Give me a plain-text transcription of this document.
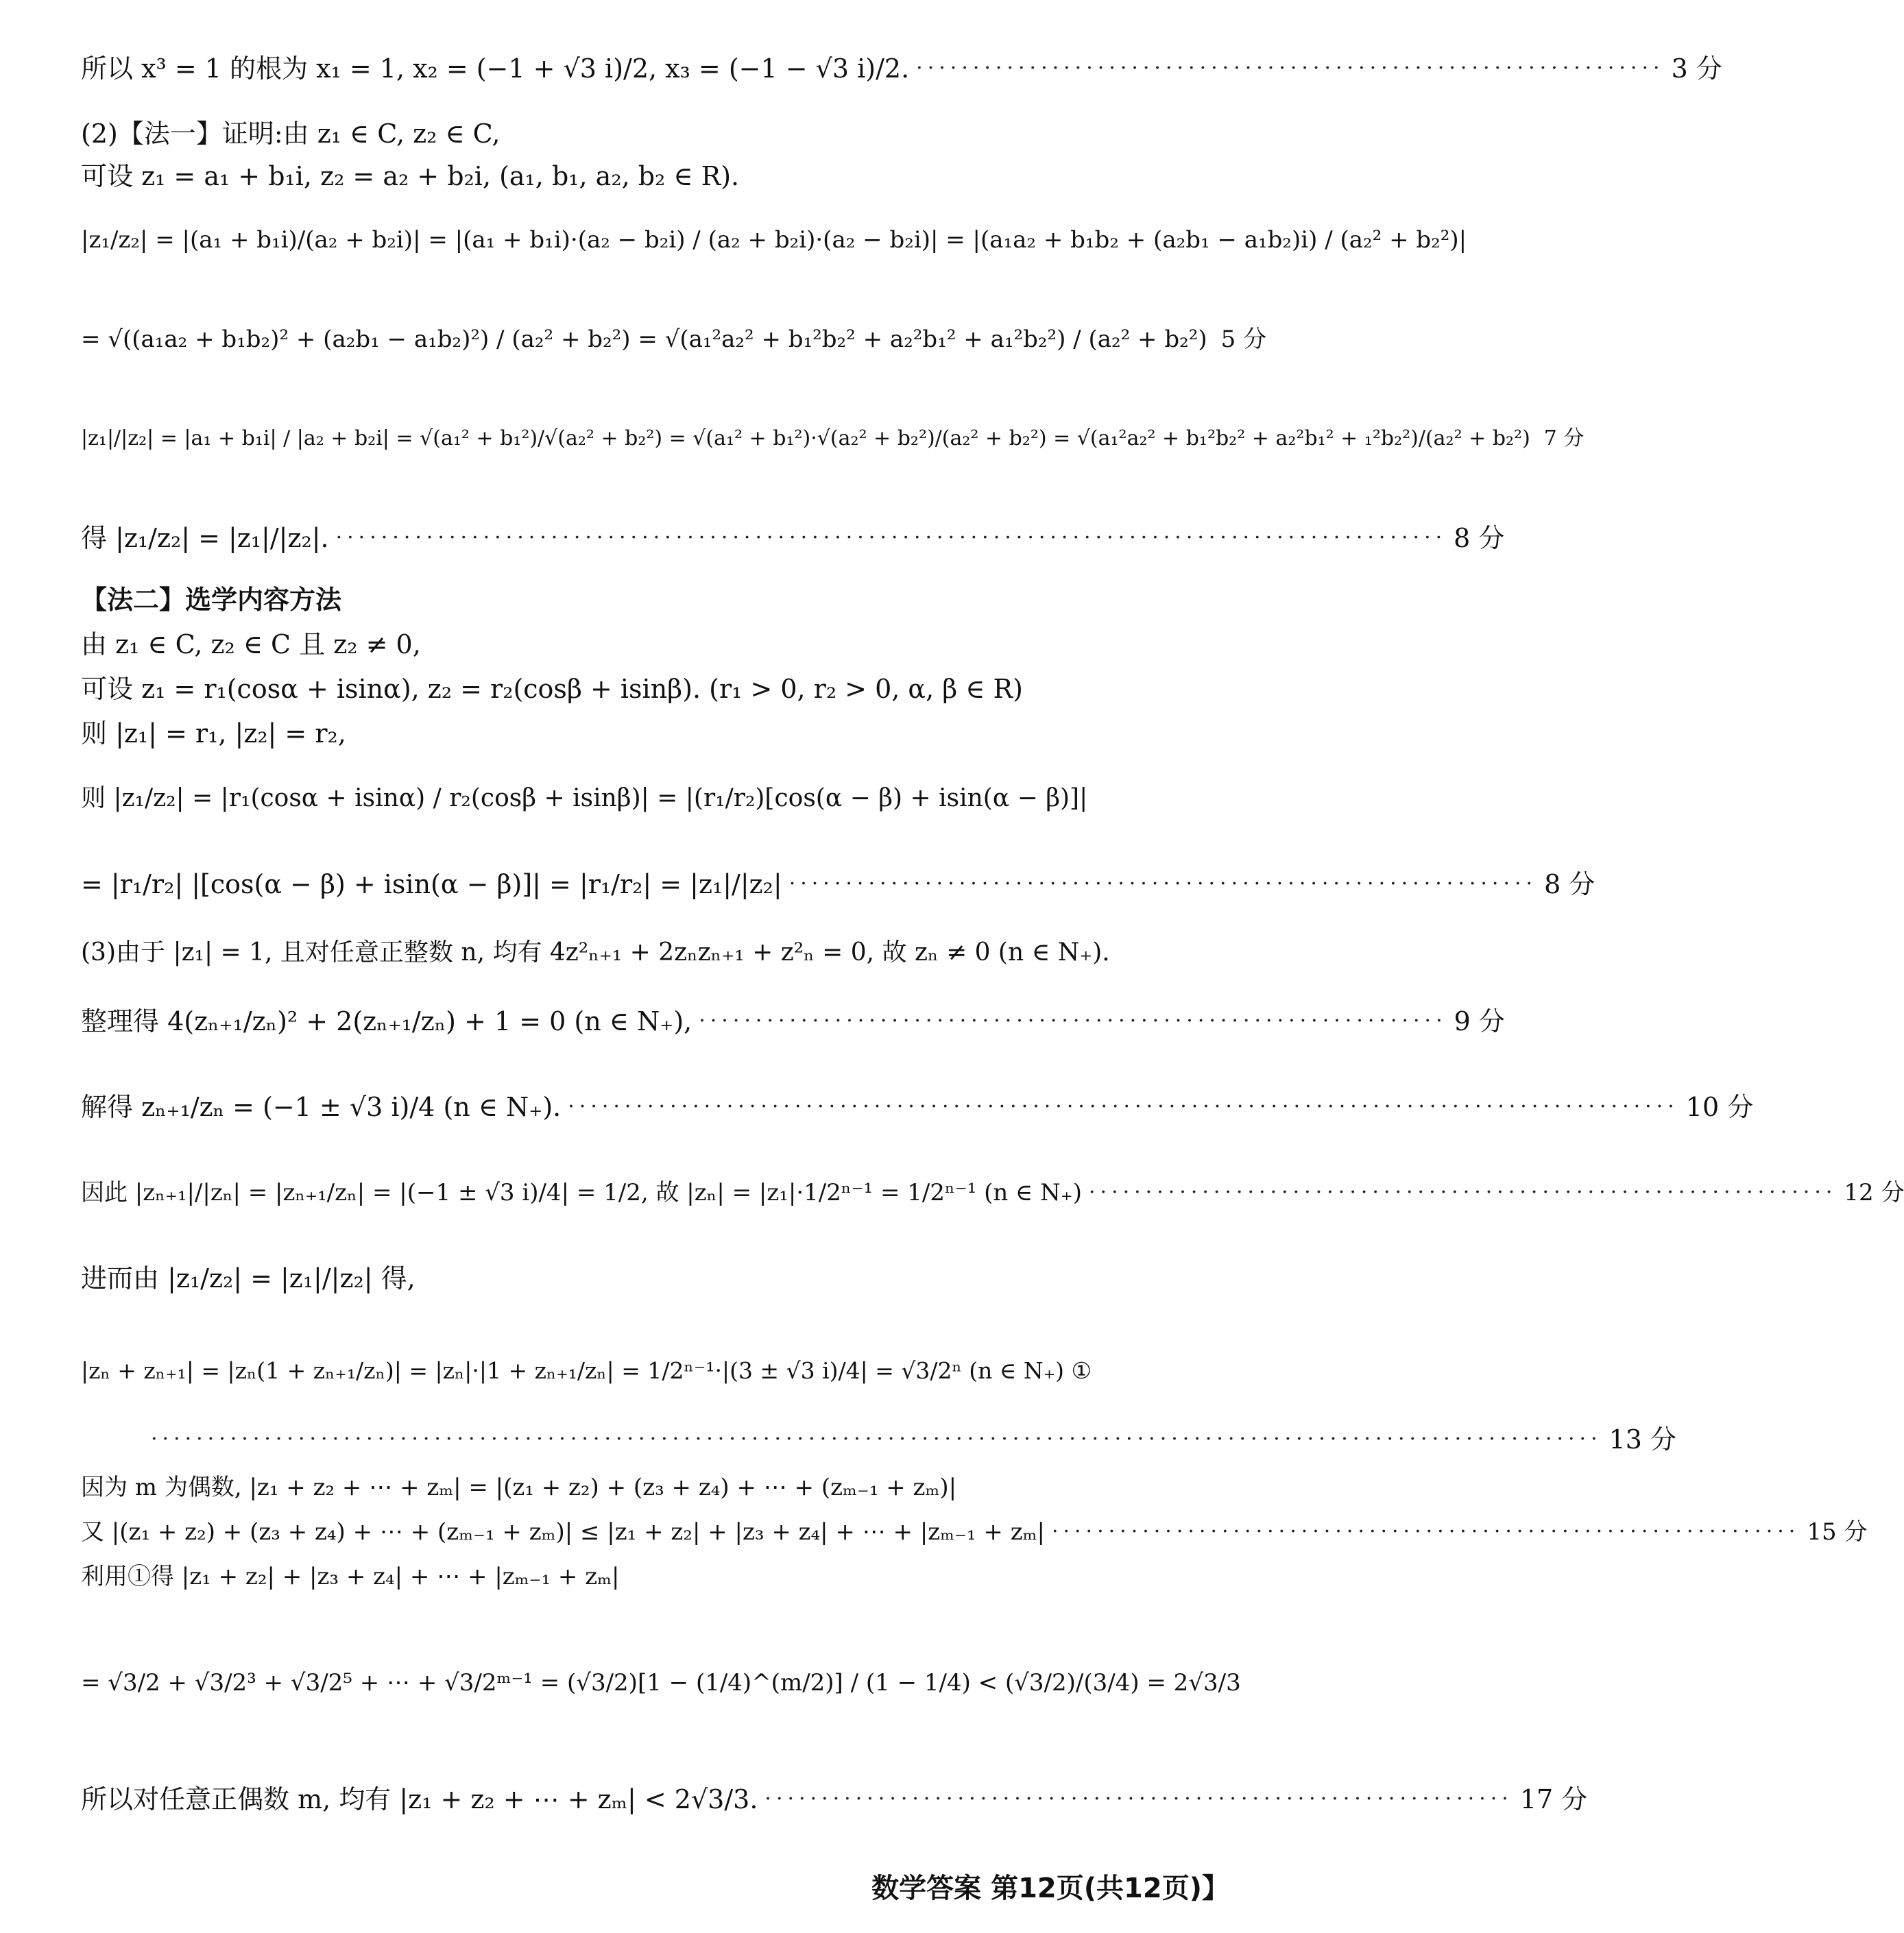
所以 x³ = 1 的根为 x₁ = 1, x₂ = (−1 + √3 i)/2, x₃ = (−1 − √3 i)/2. ·································································· 3 分
(2)【法一】证明:由 z₁ ∈ C, z₂ ∈ C,
可设 z₁ = a₁ + b₁i, z₂ = a₂ + b₂i, (a₁, b₁, a₂, b₂ ∈ R).
|z₁/z₂| = |(a₁ + b₁i)/(a₂ + b₂i)| = |(a₁ + b₁i)·(a₂ − b₂i) / (a₂ + b₂i)·(a₂ − b₂i)| = |(a₁a₂ + b₁b₂ + (a₂b₁ − a₁b₂)i) / (a₂² + b₂²)|
= √((a₁a₂ + b₁b₂)² + (a₂b₁ − a₁b₂)²) / (a₂² + b₂²) = √(a₁²a₂² + b₁²b₂² + a₂²b₁² + a₁²b₂²) / (a₂² + b₂²) 5 分
|z₁|/|z₂| = |a₁ + b₁i| / |a₂ + b₂i| = √(a₁² + b₁²)/√(a₂² + b₂²) = √(a₁² + b₁²)·√(a₂² + b₂²)/(a₂² + b₂²) = √(a₁²a₂² + b₁²b₂² + a₂²b₁² + ₁²b₂²)/(a₂² + b₂²) 7 分
得 |z₁/z₂| = |z₁|/|z₂|. ·································································································· 8 分
【法二】选学内容方法
由 z₁ ∈ C, z₂ ∈ C 且 z₂ ≠ 0,
可设 z₁ = r₁(cosα + isinα), z₂ = r₂(cosβ + isinβ). (r₁ > 0, r₂ > 0, α, β ∈ R)
则 |z₁| = r₁, |z₂| = r₂,
则 |z₁/z₂| = |r₁(cosα + isinα) / r₂(cosβ + isinβ)| = |(r₁/r₂)[cos(α − β) + isin(α − β)]|
= |r₁/r₂| |[cos(α − β) + isin(α − β)]| = |r₁/r₂| = |z₁|/|z₂| ·································································· 8 分
(3)由于 |z₁| = 1, 且对任意正整数 n, 均有 4z²ₙ₊₁ + 2zₙzₙ₊₁ + z²ₙ = 0, 故 zₙ ≠ 0 (n ∈ N₊).
整理得 4(zₙ₊₁/zₙ)² + 2(zₙ₊₁/zₙ) + 1 = 0 (n ∈ N₊), ·································································· 9 分
解得 zₙ₊₁/zₙ = (−1 ± √3 i)/4 (n ∈ N₊). ·································································································· 10 分
因此 |zₙ₊₁|/|zₙ| = |zₙ₊₁/zₙ| = |(−1 ± √3 i)/4| = 1/2, 故 |zₙ| = |z₁|·1/2ⁿ⁻¹ = 1/2ⁿ⁻¹ (n ∈ N₊) ·································································· 12 分
进而由 |z₁/z₂| = |z₁|/|z₂| 得,
|zₙ + zₙ₊₁| = |zₙ(1 + zₙ₊₁/zₙ)| = |zₙ|·|1 + zₙ₊₁/zₙ| = 1/2ⁿ⁻¹·|(3 ± √3 i)/4| = √3/2ⁿ (n ∈ N₊) ①
································································································································ 13 分
因为 m 为偶数, |z₁ + z₂ + ⋯ + zₘ| = |(z₁ + z₂) + (z₃ + z₄) + ⋯ + (zₘ₋₁ + zₘ)|
又 |(z₁ + z₂) + (z₃ + z₄) + ⋯ + (zₘ₋₁ + zₘ)| ≤ |z₁ + z₂| + |z₃ + z₄| + ⋯ + |zₘ₋₁ + zₘ| ·································································· 15 分
利用①得 |z₁ + z₂| + |z₃ + z₄| + ⋯ + |zₘ₋₁ + zₘ|
= √3/2 + √3/2³ + √3/2⁵ + ⋯ + √3/2ᵐ⁻¹ = (√3/2)[1 − (1/4)^(m/2)] / (1 − 1/4) < (√3/2)/(3/4) = 2√3/3
所以对任意正偶数 m, 均有 |z₁ + z₂ + ⋯ + zₘ| < 2√3/3. ·································································· 17 分
数学答案 第12页(共12页)】
